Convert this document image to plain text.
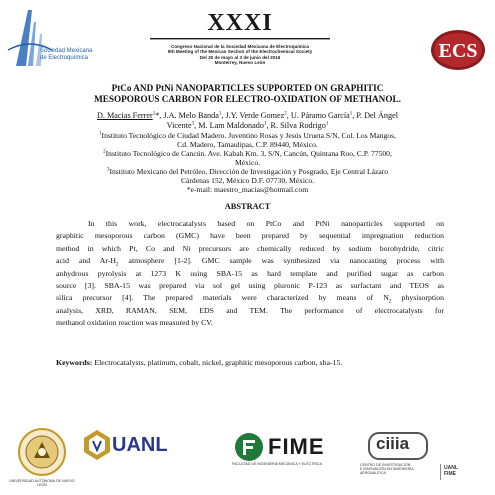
Sociedad Mexicana
de Electroquímica
XXXI
Congreso Nacional de la Sociedad Mexicana de Electroquímica
9th Meeting of the Mexican Section of the Electrochemical Society
Del 30 de mayo al 3 de junio del 2016
Monterrey, Nuevo León
ECS
PtCo AND PtNi NANOPARTICLES SUPPORTED ON GRAPHITIC
MESOPOROUS CARBON FOR ELECTRO-OXIDATION OF METHANOL.
D. Macias Ferrer$^1$*, J.A. Melo Banda$^1$, J.Y. Verde Gomez$^2$, U. Páramo García$^1$, P. Del Ángel
Vicente$^3$, M. Lam Maldonado$^1$, R. Silva Rodrigo$^1$
$^1$Instituto Tecnológico de Ciudad Madero. Juventino Rosas y Jesús Urueta S/N, Col. Los Mangos,
Cd. Madero, Tamaulipas, C.P. 89440, México.
$^2$Instituto Tecnológico de Cancún. Ave. Kabah Km. 3, S/N, Cancún, Quintana Roo, C.P. 77500,
México.
$^3$Instituto Mexicano del Petróleo, Dirección de Investigación y Posgrado, Eje Central Lázaro
Cárdenas 152, México D.F. 07730, México.
*e-mail: maestro_macias@hotmail.com
ABSTRACT
In this work, electrocatalysts based on PtCo and PtNi nanoparticles supported on
graphitic mesoporous carbon (GMC) have been prepared by sequential impregnation reduction
method in which Pt, Co and Ni precursors are chemically reduced by sodium borohydride, citric
acid and $Ar-H_2$ atmosphere [1-2]. GMC sample was synthesized via nanocasting process with
anhydrous pyrolysis at 1273 K using SBA-15 as hard template and purified sugar as carbon
source [3]. SBA-15 was prepared via sol gel using pluronic P-123 as surfactant and TEOS as
silica precursor [4]. The prepared materials were characterized by means of $N_2$ physisorption
analysis, XRD, RAMAN, SEM, EDS and TEM. The performance of electrocatalysts for
methanol oxidation reaction was measured by CV.
Keywords: Electrocatalysts, platinum, cobalt, nickel, graphitic mesoporous carbon, sba-15.
UNIVERSIDAD AUTÓNOMA DE NUEVO LEÓN
UANL	FIME
FACULTAD DE INGENIERÍA MECÁNICA Y ELÉCTRICA
ciiia
CENTRO DE INVESTIGACIÓN
E INNOVACIÓN EN INGENIERÍA
AERONÁUTICA
UANL
FIME
